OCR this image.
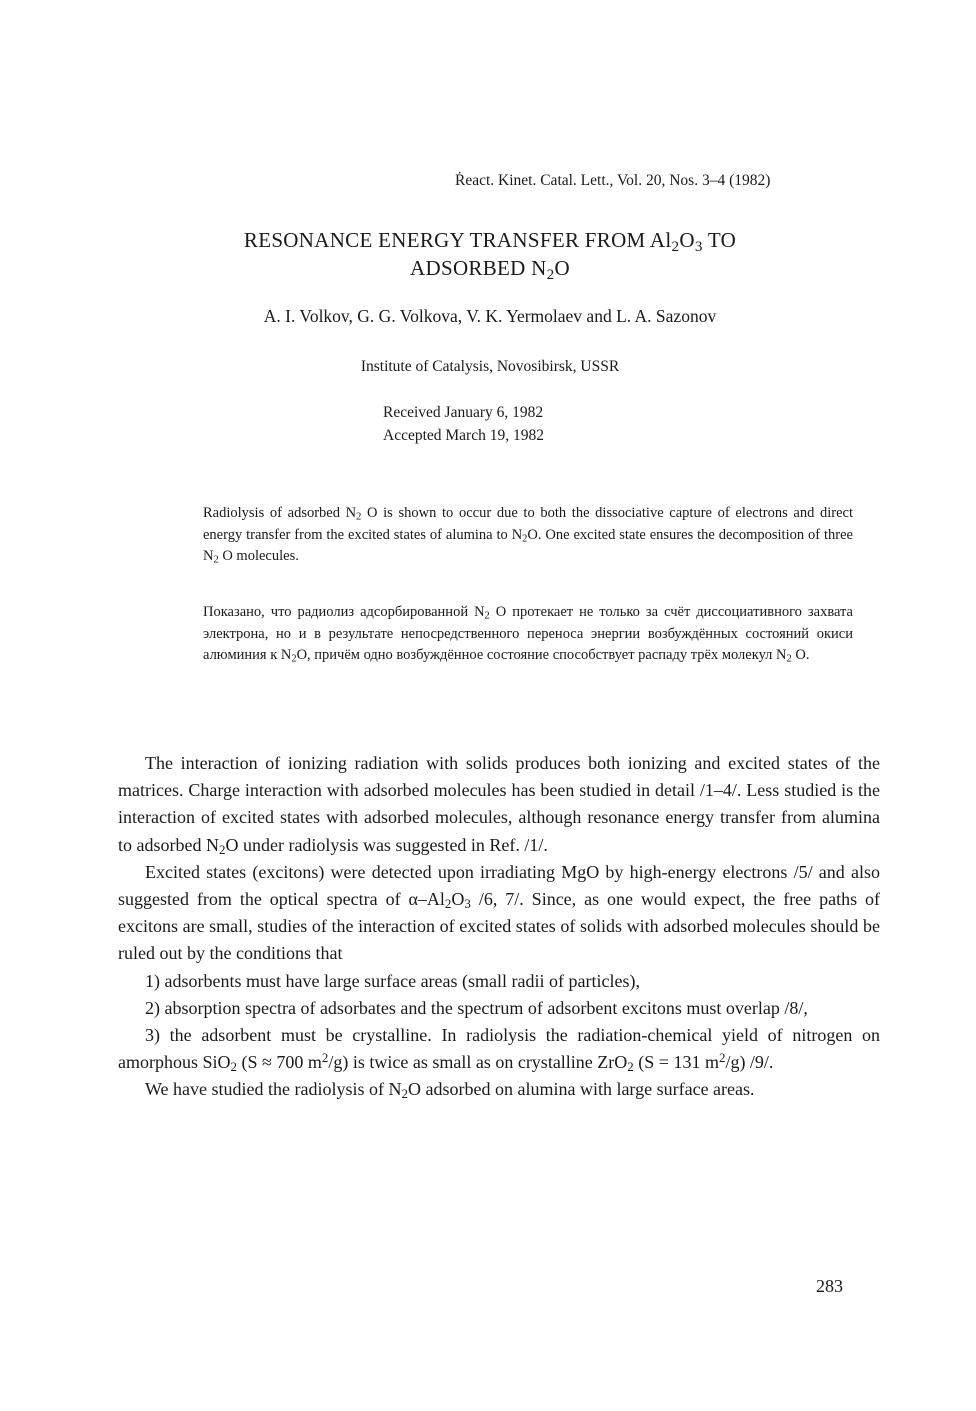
Ṙeact. Kinet. Catal. Lett., Vol. 20, Nos. 3–4 (1982)
RESONANCE ENERGY TRANSFER FROM $Al_2O_3$ TO
ADSORBED $N_2O$
A. I. Volkov, G. G. Volkova, V. K. Yermolaev and L. A. Sazonov
Institute of Catalysis, Novosibirsk, USSR
Received January 6, 1982
Accepted March 19, 1982

Radiolysis of adsorbed $N_2$ O is shown to occur due to both the dissociative capture of electrons and direct energy transfer from the excited states of alumina to $N_2O$. One excited state ensures the decomposition of three $N_2$ O molecules.

Показано, что радиолиз адсорбированной $N_2$ O протекает не только за счёт диссоциативного захвата электрона, но и в результате непосредственного переноса энергии возбуждённых состояний окиси алюминия к $N_2O$, причём одно возбуждённое состояние способствует распаду трёх молекул $N_2$ O.

The interaction of ionizing radiation with solids produces both ionizing and excited states of the matrices. Charge interaction with adsorbed molecules has been studied in detail /1–4/. Less studied is the interaction of excited states with adsorbed molecules, although resonance energy transfer from alumina to adsorbed $N_2O$ under radiolysis was suggested in Ref. /1/.

Excited states (excitons) were detected upon irradiating MgO by high-energy electrons /5/ and also suggested from the optical spectra of $\alpha-Al_2O_3$ /6, 7/. Since, as one would expect, the free paths of excitons are small, studies of the interaction of excited states of solids with adsorbed molecules should be ruled out by the conditions that

1) adsorbents must have large surface areas (small radii of particles),

2) absorption spectra of adsorbates and the spectrum of adsorbent excitons must overlap /8/,

3) the adsorbent must be crystalline. In radiolysis the radiation-chemical yield of nitrogen on amorphous SiO$_2$ (S ≈ 700 $m^2/g$) is twice as small as on crystalline ZrO$_2$ (S = 131 $m^2/g$) /9/.

We have studied the radiolysis of $N_2O$ adsorbed on alumina with large surface areas.

283
